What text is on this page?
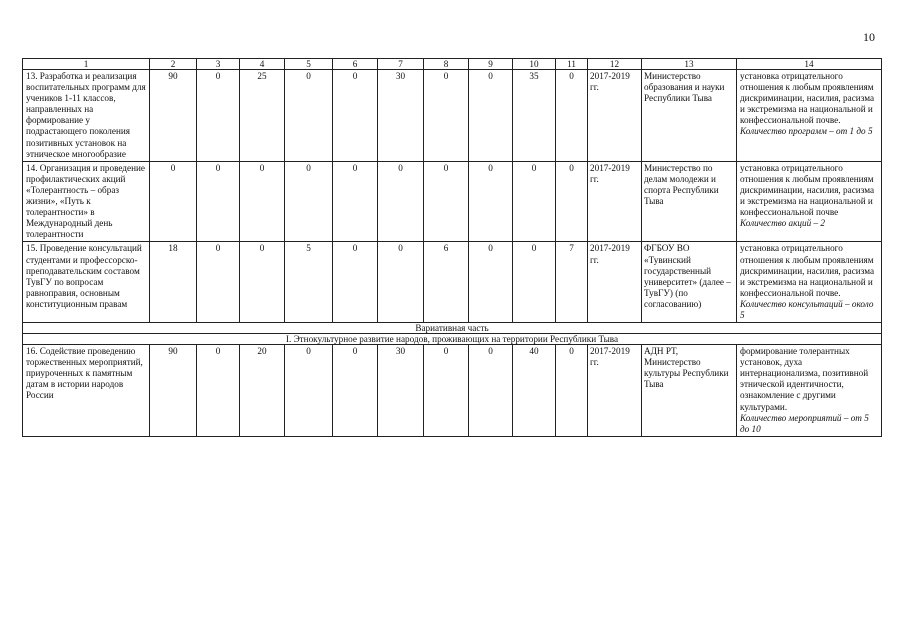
10
1	2	3	4	5	6	7	8	9	10	11	12	13	14
13. Разработка и реализация воспитательных программ для учеников 1-11 классов, направленных на формирование у подрастающего поколения позитивных установок на этническое многообразие	90	0	25	0	0	30	0	0	35	0	2017-2019 гг.	Министерство образования и науки Республики Тыва	установка отрицательного отношения к любым проявлениям дискриминации, насилия, расизма и экстремизма на национальной и конфессиональной почве.
Количество программ – от 1 до 5

14. Организация и проведение профилактических акций «Толерантность – образ жизни», «Путь к толерантности» в Международный день толерантности	0	0	0	0	0	0	0	0	0	0	2017-2019 гг.	Министерство по делам молодежи и спорта Республики Тыва	установка отрицательного отношения к любым проявлениям дискриминации, насилия, расизма и экстремизма на национальной и конфессиональной почве
Количество акций – 2

15. Проведение консультаций студентами и профессорско-преподавательским составом ТувГУ по вопросам равноправия, основным конституционным правам	18	0	0	5	0	0	6	0	0	7	2017-2019 гг.	ФГБОУ ВО «Тувинский государственный университет» (далее – ТувГУ) (по согласованию)	установка отрицательного отношения к любым проявлениям дискриминации, насилия, расизма и экстремизма на национальной и конфессиональной почве.
Количество консультаций – около 5

Вариативная часть													
I. Этнокультурное развитие народов, проживающих на территории Республики Тыва													
16. Содействие проведению торжественных мероприятий, приуроченных к памятным датам в истории народов России	90	0	20	0	0	30	0	0	40	0	2017-2019 гг.	АДН РТ, Министерство культуры Республики Тыва	формирование толерантных установок, духа интернационализма, позитивной этнической идентичности, ознакомление с другими культурами.
Количество мероприятий – от 5 до 10
